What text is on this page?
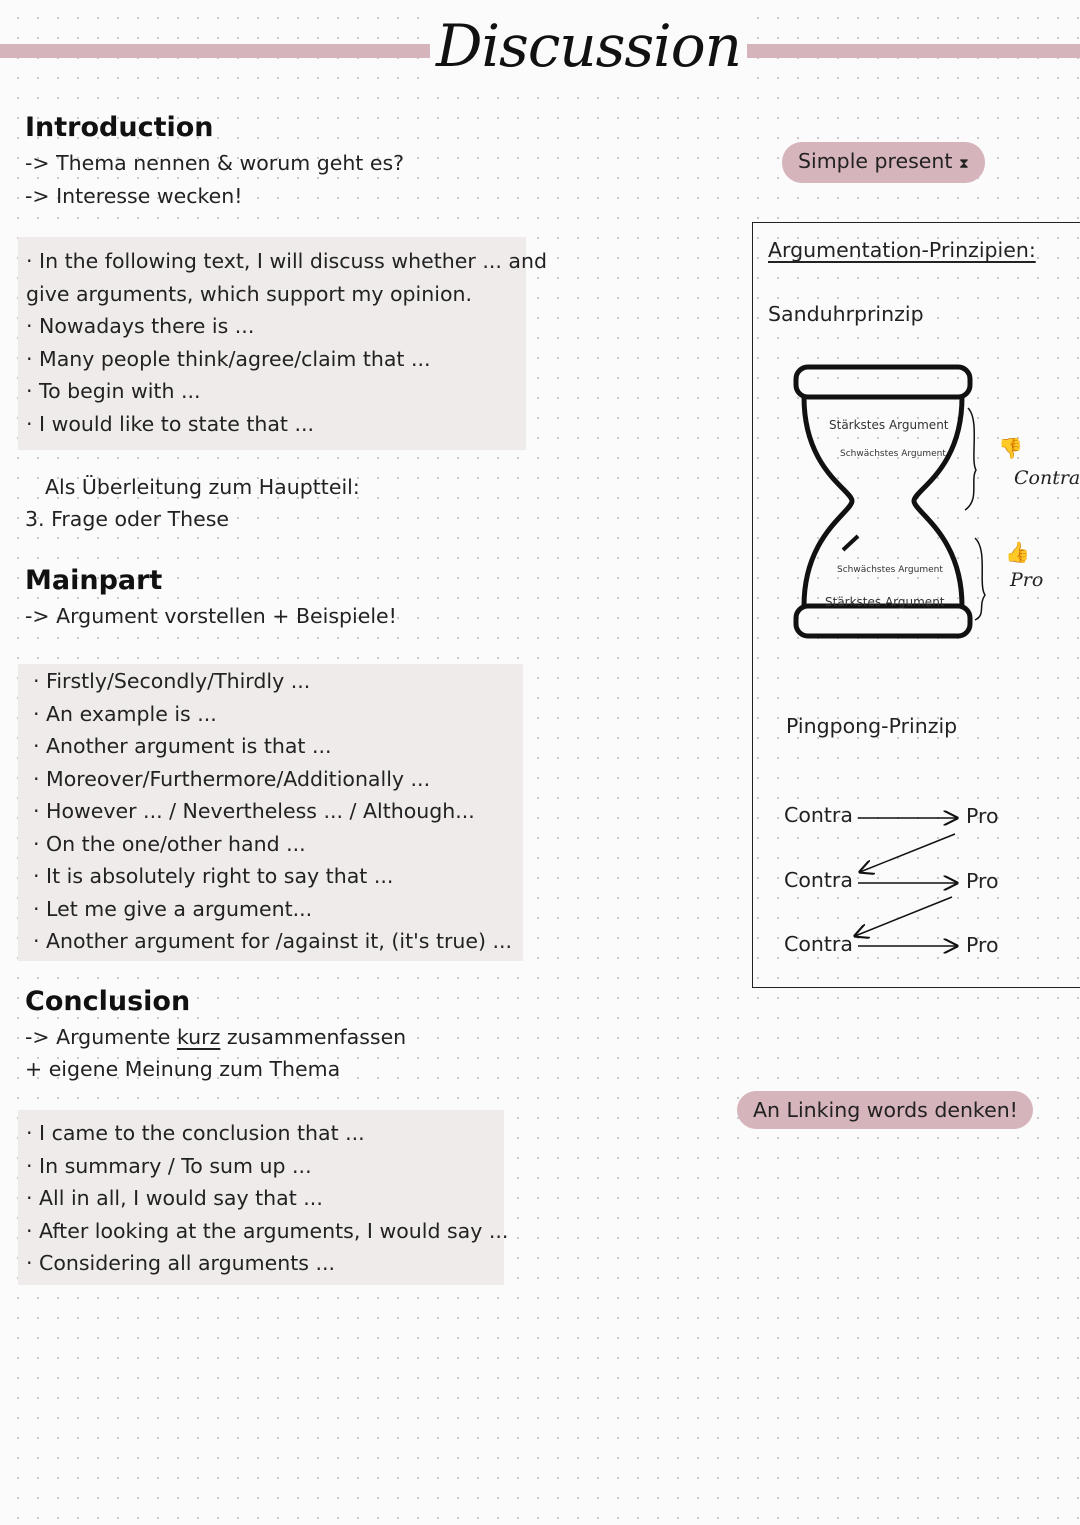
Discussion
Introduction
-> Thema nennen & worum geht es?
-> Interesse wecken!
· In the following text, I will discuss whether ... and
give arguments, which support my opinion.
· Nowadays there is ...
· Many people think/agree/claim that ...
· To begin with ...
· I would like to state that ...
Als Überleitung zum Hauptteil:
3. Frage oder These
Mainpart
-> Argument vorstellen + Beispiele!
· Firstly/Secondly/Thirdly ...
· An example is ...
· Another argument is that ...
· Moreover/Furthermore/Additionally ...
· However ... / Nevertheless ... / Although...
· On the one/other hand ...
· It is absolutely right to say that ...
· Let me give a argument...
· Another argument for /against it, (it's true) ...
Conclusion
-> Argumente kurz zusammenfassen
+ eigene Meinung zum Thema
· I came to the conclusion that ...
· In summary / To sum up ...
· All in all, I would say that ...
· After looking at the arguments, I would say ...
· Considering all arguments ...
Simple present ⧗
Argumentation-Prinzipien:
Sanduhrprinzip
Stärkstes Argument
Schwächstes Argument
Schwächstes Argument
Stärkstes Argument
👎
Contra
👍
Pro
Pingpong-Prinzip
Contra	Pro
Contra	Pro
Contra	Pro
An Linking words denken!
